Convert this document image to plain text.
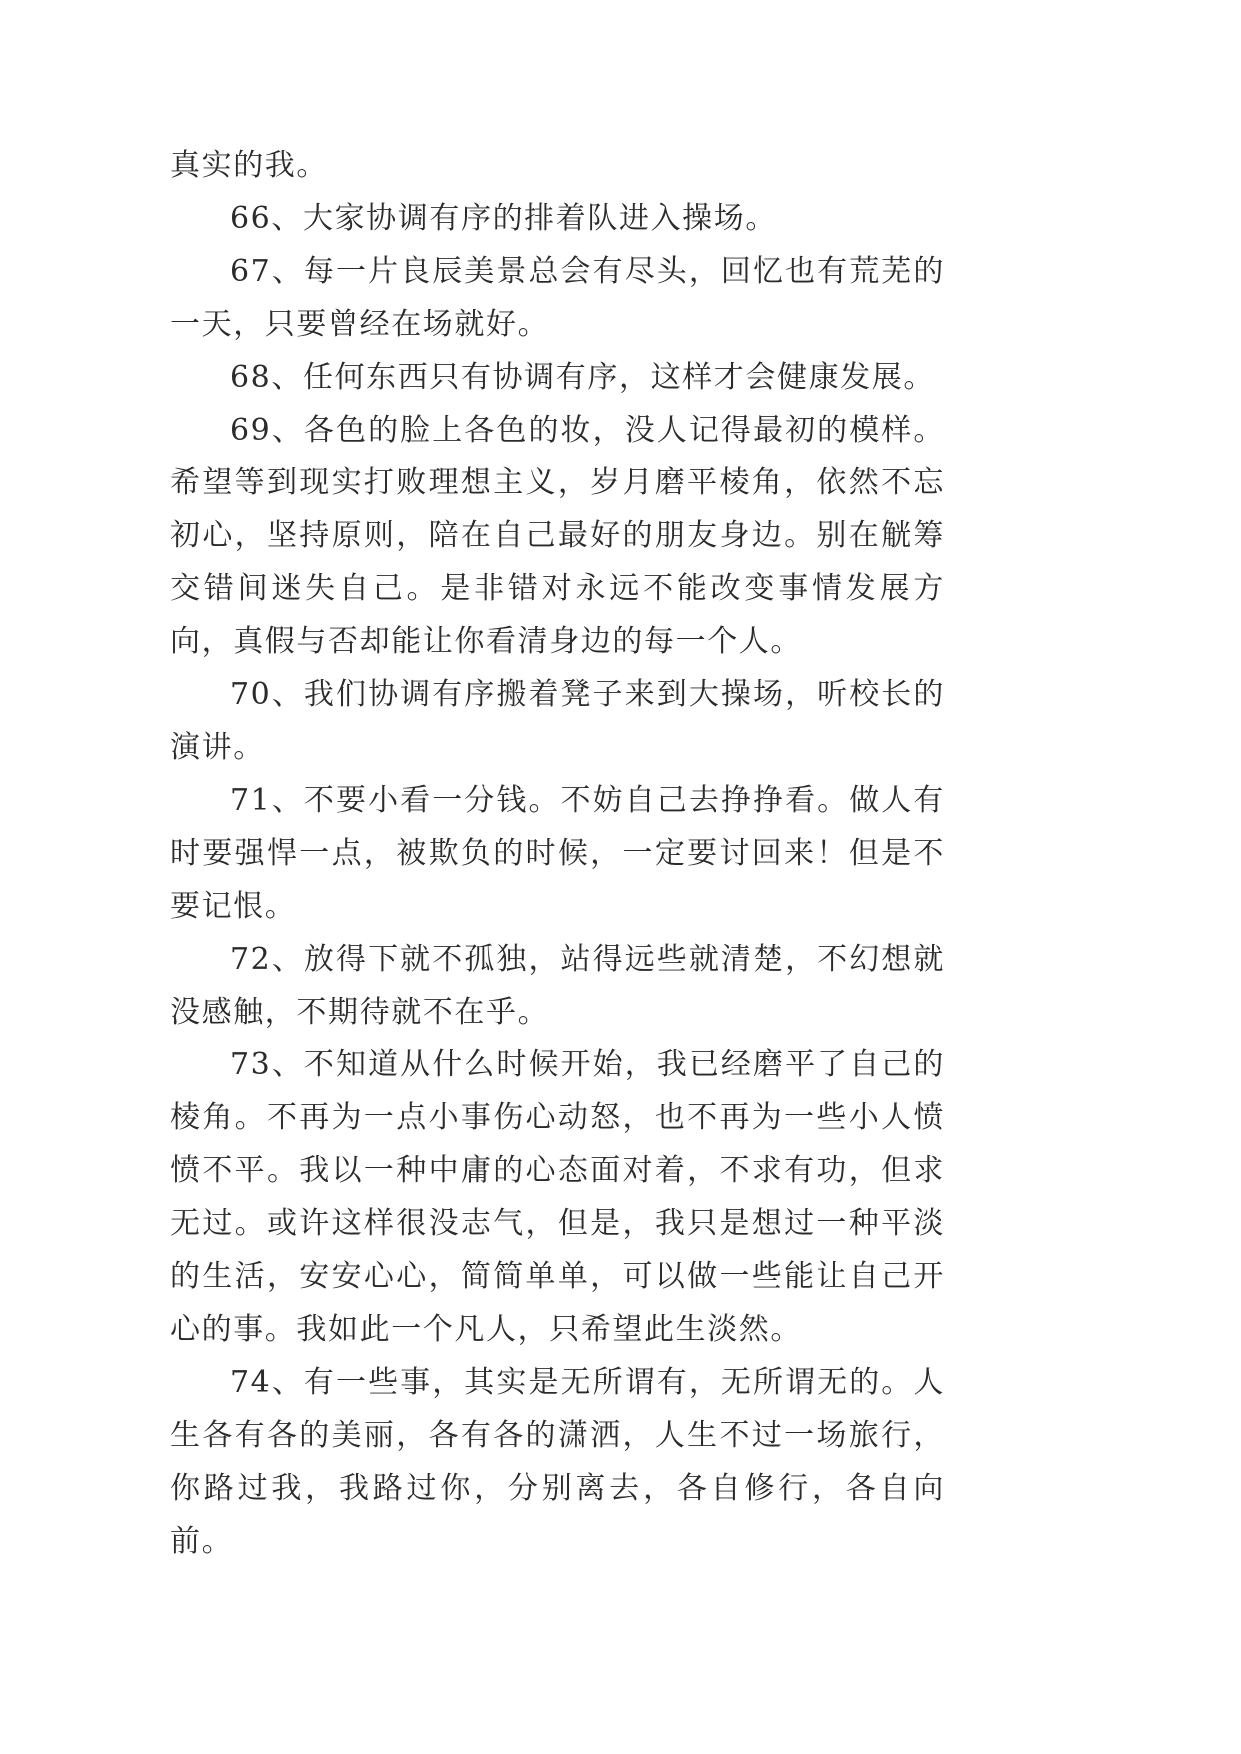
真实的我。

66、大家协调有序的排着队进入操场。

67、每一片良辰美景总会有尽头，回忆也有荒芜的一天，只要曾经在场就好。

68、任何东西只有协调有序，这样才会健康发展。

69、各色的脸上各色的妆，没人记得最初的模样。希望等到现实打败理想主义，岁月磨平棱角，依然不忘初心，坚持原则，陪在自己最好的朋友身边。别在觥筹交错间迷失自己。是非错对永远不能改变事情发展方向，真假与否却能让你看清身边的每一个人。

70、我们协调有序搬着凳子来到大操场，听校长的演讲。

71、不要小看一分钱。不妨自己去挣挣看。做人有时要强悍一点，被欺负的时候，一定要讨回来！但是不要记恨。

72、放得下就不孤独，站得远些就清楚，不幻想就没感触，不期待就不在乎。

73、不知道从什么时候开始，我已经磨平了自己的棱角。不再为一点小事伤心动怒，也不再为一些小人愤愤不平。我以一种中庸的心态面对着，不求有功，但求无过。或许这样很没志气，但是，我只是想过一种平淡的生活，安安心心，简简单单，可以做一些能让自己开心的事。我如此一个凡人，只希望此生淡然。

74、有一些事，其实是无所谓有，无所谓无的。人生各有各的美丽，各有各的潇洒，人生不过一场旅行，你路过我，我路过你，分别离去，各自修行，各自向前。
